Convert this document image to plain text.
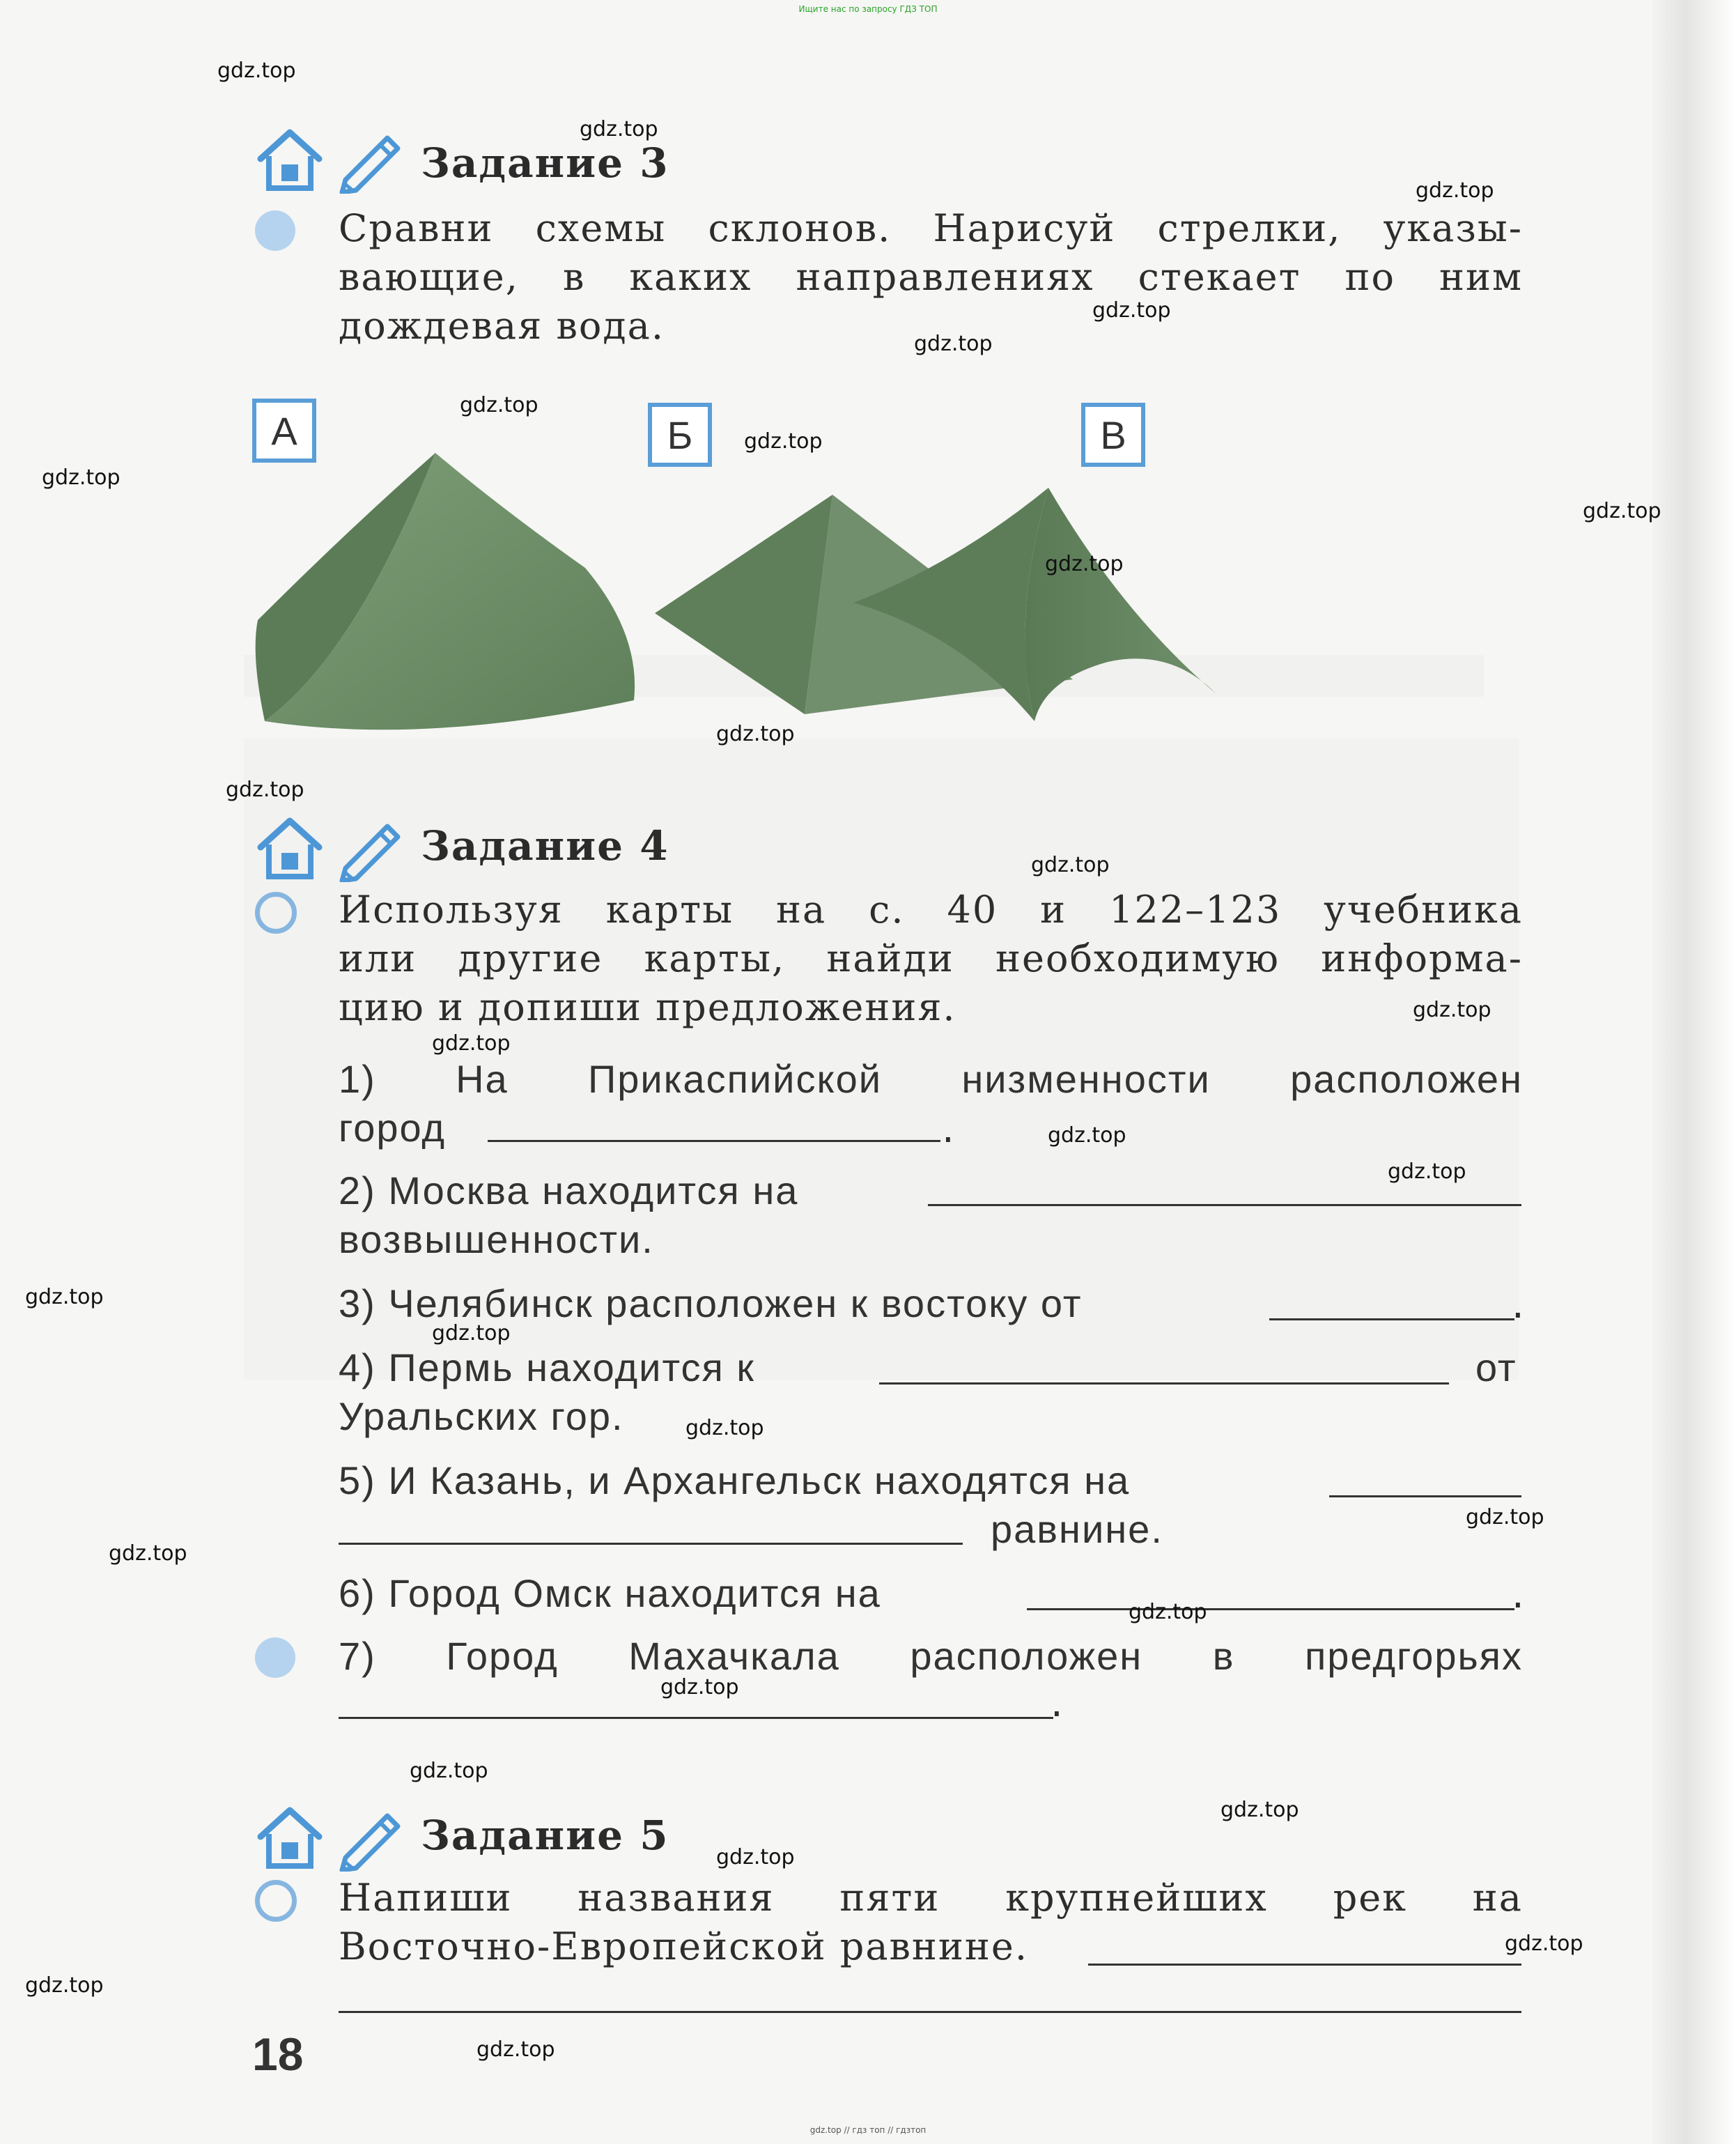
Ищите нас по запросу ГДЗ ТОП
Задание 3
Сравни схемы склонов. Нарисуй стрелки, указы-
вающие, в каких направлениях стекает по ним
дождевая вода.
А	Б	В
Задание 4
Используя карты на с. 40 и 122–123 учебника
или другие карты, найди необходимую информа-
цию и допиши предложения.
1) На Прикаспийской низменности расположен
город	.
2) Москва находится на
возвышенности.
3) Челябинск расположен к востоку от	.
4) Пермь находится к	от
Уральских гор.
5) И Казань, и Архангельск находятся на
равнине.
6) Город Омск находится на	.
7) Город Махачкала расположен в предгорьях
.
Задание 5
Напиши названия пяти крупнейших рек на
Восточно-Европейской равнине.
18
gdz.top
gdz.top
gdz.top
gdz.top
gdz.top
gdz.top
gdz.top
gdz.top
gdz.top
gdz.top
gdz.top
gdz.top
gdz.top
gdz.top
gdz.top
gdz.top
gdz.top
gdz.top
gdz.top
gdz.top
gdz.top
gdz.top
gdz.top
gdz.top
gdz.top
gdz.top
gdz.top
gdz.top
gdz.top
gdz.top
gdz.top // гдз топ // гдзтоп
